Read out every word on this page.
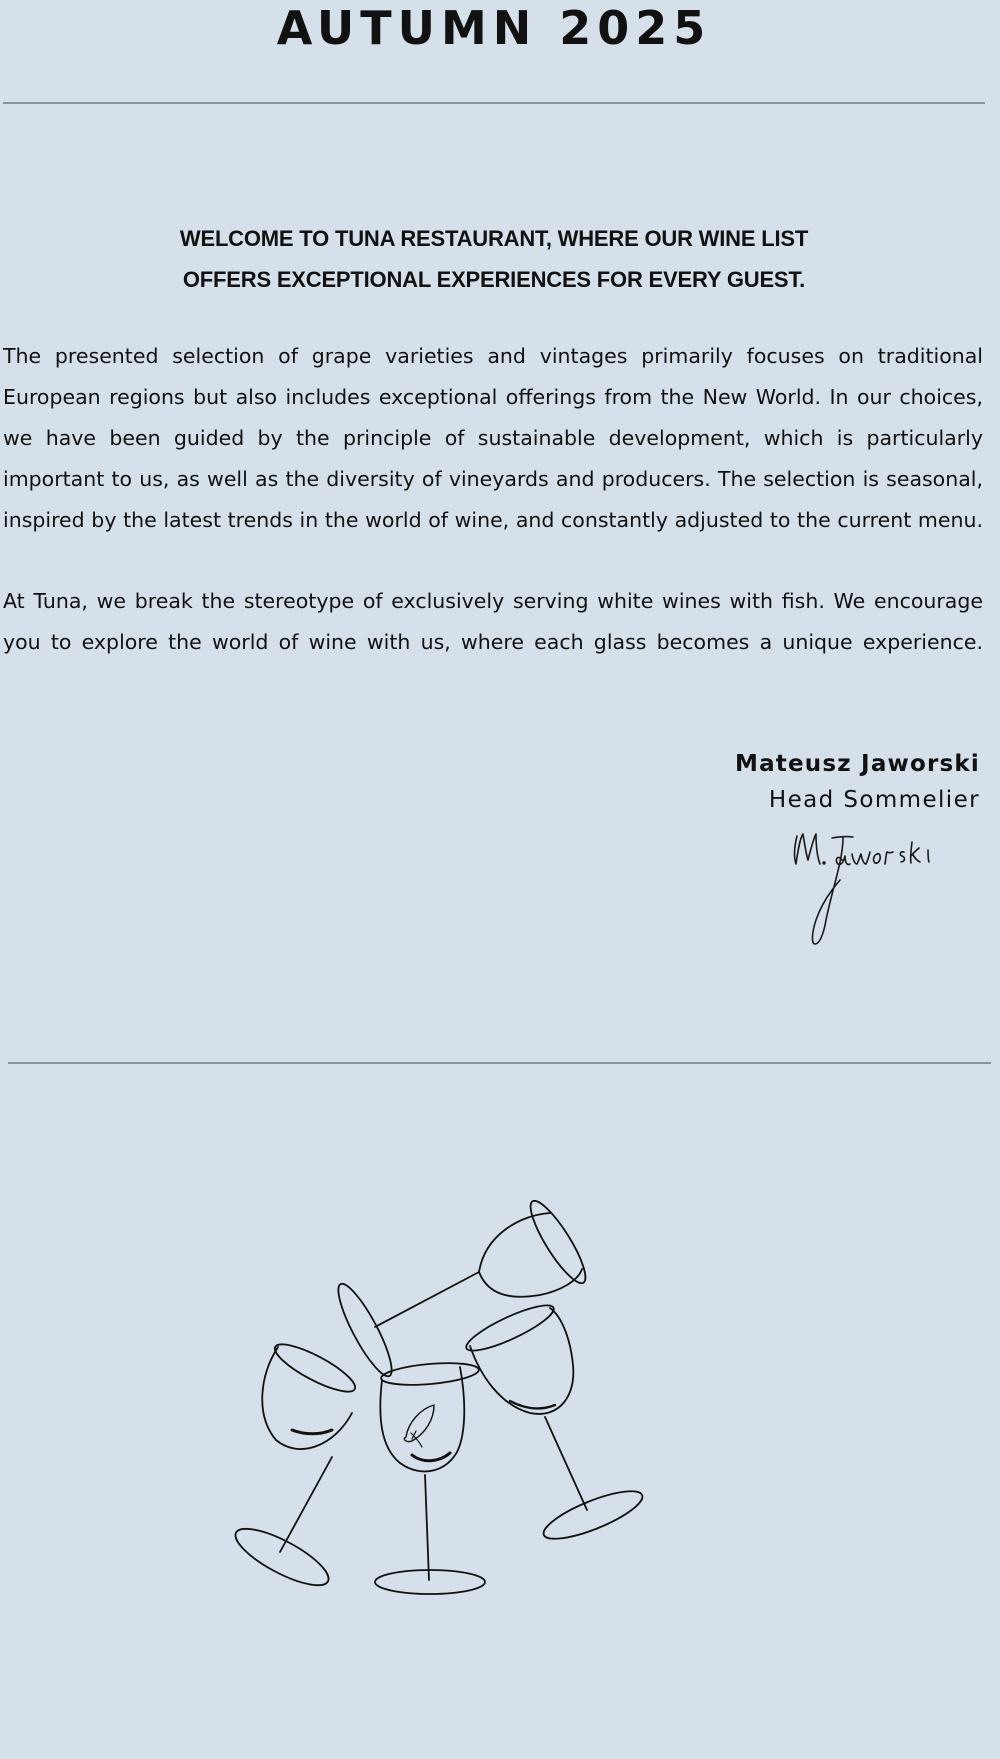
AUTUMN 2025

WELCOME TO TUNA RESTAURANT, WHERE OUR WINE LIST
OFFERS EXCEPTIONAL EXPERIENCES FOR EVERY GUEST.

The presented selection of grape varieties and vintages primarily focuses on traditional European regions but also includes exceptional offerings from the New World. In our choices, we have been guided by the principle of sustainable development, which is particularly important to us, as well as the diversity of vineyards and producers. The selection is seasonal, inspired by the latest trends in the world of wine, and constantly adjusted to the current menu.

At Tuna, we break the stereotype of exclusively serving white wines with fish. We encourage you to explore the world of wine with us, where each glass becomes a unique experience.

Mateusz Jaworski

Head Sommelier
